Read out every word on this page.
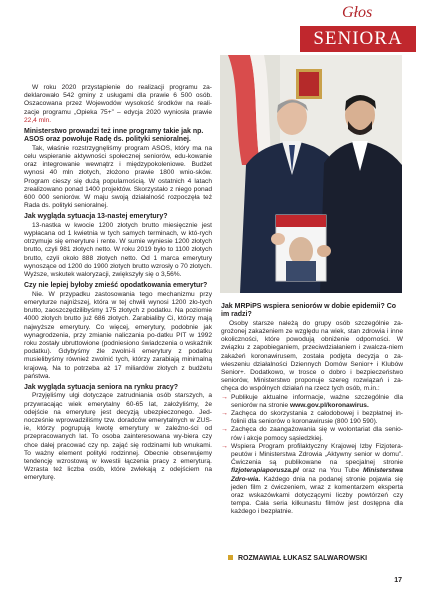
Głos
SENIORA

W roku 2020 przystąpienie do realizacji programu za-deklarowało 542 gminy z usługami dla prawie 6 500 osób. Oszacowana przez Wojewodów wysokość środków na reali-zacje programu „Opieka 75+” – edycja 2020 wyniosła prawie 22,4 mln.

Ministerstwo prowadzi też inne programy takie jak np. ASOS oraz powołuje Radę ds. polityki senioralnej.

Tak, właśnie rozstrzygnęliśmy program ASOS, który ma na celu wspieranie aktywności społecznej seniorów, edu-kowanie oraz integrowanie wewnątrz i międzypokoleniowe. Budżet wynosi 40 mln złotych, złożono prawie 1800 wnio-sków. Program cieszy się dużą popularnością. W ostatnich 4 latach zrealizowano ponad 1400 projektów. Skorzystało z niego ponad 600 000 seniorów. W maju swoją działalność rozpoczęła też Rada ds. polityki senioralnej.

Jak wygląda sytuacja 13-nastej emerytury?

13-nastka w kwocie 1200 złotych brutto miesięcznie jest wypłacana od 1 kwietnia w tych samych terminach, w któ-rych otrzymuje się emeryture i rente. W sumie wyniesie 1200 złotych brutto, czyli 981 złotych netto. W roku 2019 było to 1100 złotych brutto, czyli około 888 złotych netto. Od 1 marca emerytury wynoszące od 1200 do 1900 złotych brutto wzrosły o 70 złotych. Wyższe, wskutek waloryzacji, zwiększyły się o 3,56%.

Czy nie lepiej byłoby zmieść opodatkowania emerytur?

Nie. W przypadku zastosowania tego mechanizmu przy emeryturze najniższej, która w tej chwili wynosi 1200 zło-tych brutto, zaoszczędzilibyśmy 175 złotych z podatku. Na poziomie 4000 złotych brutto już 686 złotych. Zarabialiby Ci, którzy mają najwyższe emerytury. Co więcej, emerytury, podobnie jak wynagrodzenia, przy zmianie naliczania po-datku PIT w 1992 roku zostały ubruttowione (podniesiono świadczenia o wskaźnik podatku). Gdybyśmy źle zwolni-li emerytury z podatku musielibyśmy również zwolnić tych, którzy zarabiają minimalną krajową. Na to potrzeba aż 17 miliardów złotych z budżetu państwa.

Jak wygląda sytuacja seniora na rynku pracy?

Przyjęliśmy ulgi dotyczące zatrudniania osób starszych, a przywracając wiek emerytalny 60-65 lat, założyliśmy, że odejście na emeryturę jest decyzją ubezpieczonego. Jed-nocześnie wprowadziliśmy tzw. doradców emerytalnych w ZUS-ie, którzy pogrupują kwotę emerytury w zależno-ści od przepracowanych lat. To osoba zainteresowana wy-biera czy chce dalej pracować czy np. zająć się rodzinami lub wnukami. To ważny element polityki rodzinnej. Obecnie obserwujemy tendencję wzrostową w kwestii łączenia pracy z emeryturą. Wzrasta też liczba osób, które zwlekają z odejściem na emeryturę.

Jak MRPiPS wspiera seniorów w dobie epidemii? Co im radzi?

Osoby starsze należą do grupy osób szczególnie za-grożonej zakażeniem ze względu na wiek, stan zdrowia i inne okoliczności, które powodują obniżenie odporności. W związku z zapobieganiem, przeciwdziałaniem i zwalcza-niem zakażeń koronawirusem, została podjęta decyzja o za-wieszeniu działalności Dziennych Domów Senior+ i Klubów Senior+. Dodatkowo, w trosce o dobro i bezpieczeństwo seniorów, Ministerstwo proponuje szereg rozwiązań i za-chęca do wspólnych działań na rzecz tych osób, m.in.:

→ Publikuje aktualne informacje, ważne szczególnie dla seniorów na stronie www.gov.pl/koronawirus.
→ Zachęca do skorzystania z całodobowej i bezpłatnej in-folinii dla seniorów o koronawirusie (800 190 590).
→ Zachęca do zaangażowania się w wolontariat dla senio-rów i akcje pomocy sąsiedzkiej.
→ Wspiera Program profilaktyczny Krajowej Izby Fizjotera-peutów i Ministerstwa Zdrowia „Aktywny senior w domu”. Ćwiczenia są publikowane na specjalnej stronie fizjoterapiaporusza.pl oraz na You Tube Ministerstwa Zdro-wia. Każdego dnia na podanej stronie pojawia się jeden film z ćwiczeniem, wraz z komentarzem eksperta oraz wskazówkami dotyczącymi liczby powtórzeń czy tempa. Cała seria kilkunastu filmów jest dostępna dla każdego i bezpłatnie.
ROZMAWIAŁ ŁUKASZ SALWAROWSKI
17
